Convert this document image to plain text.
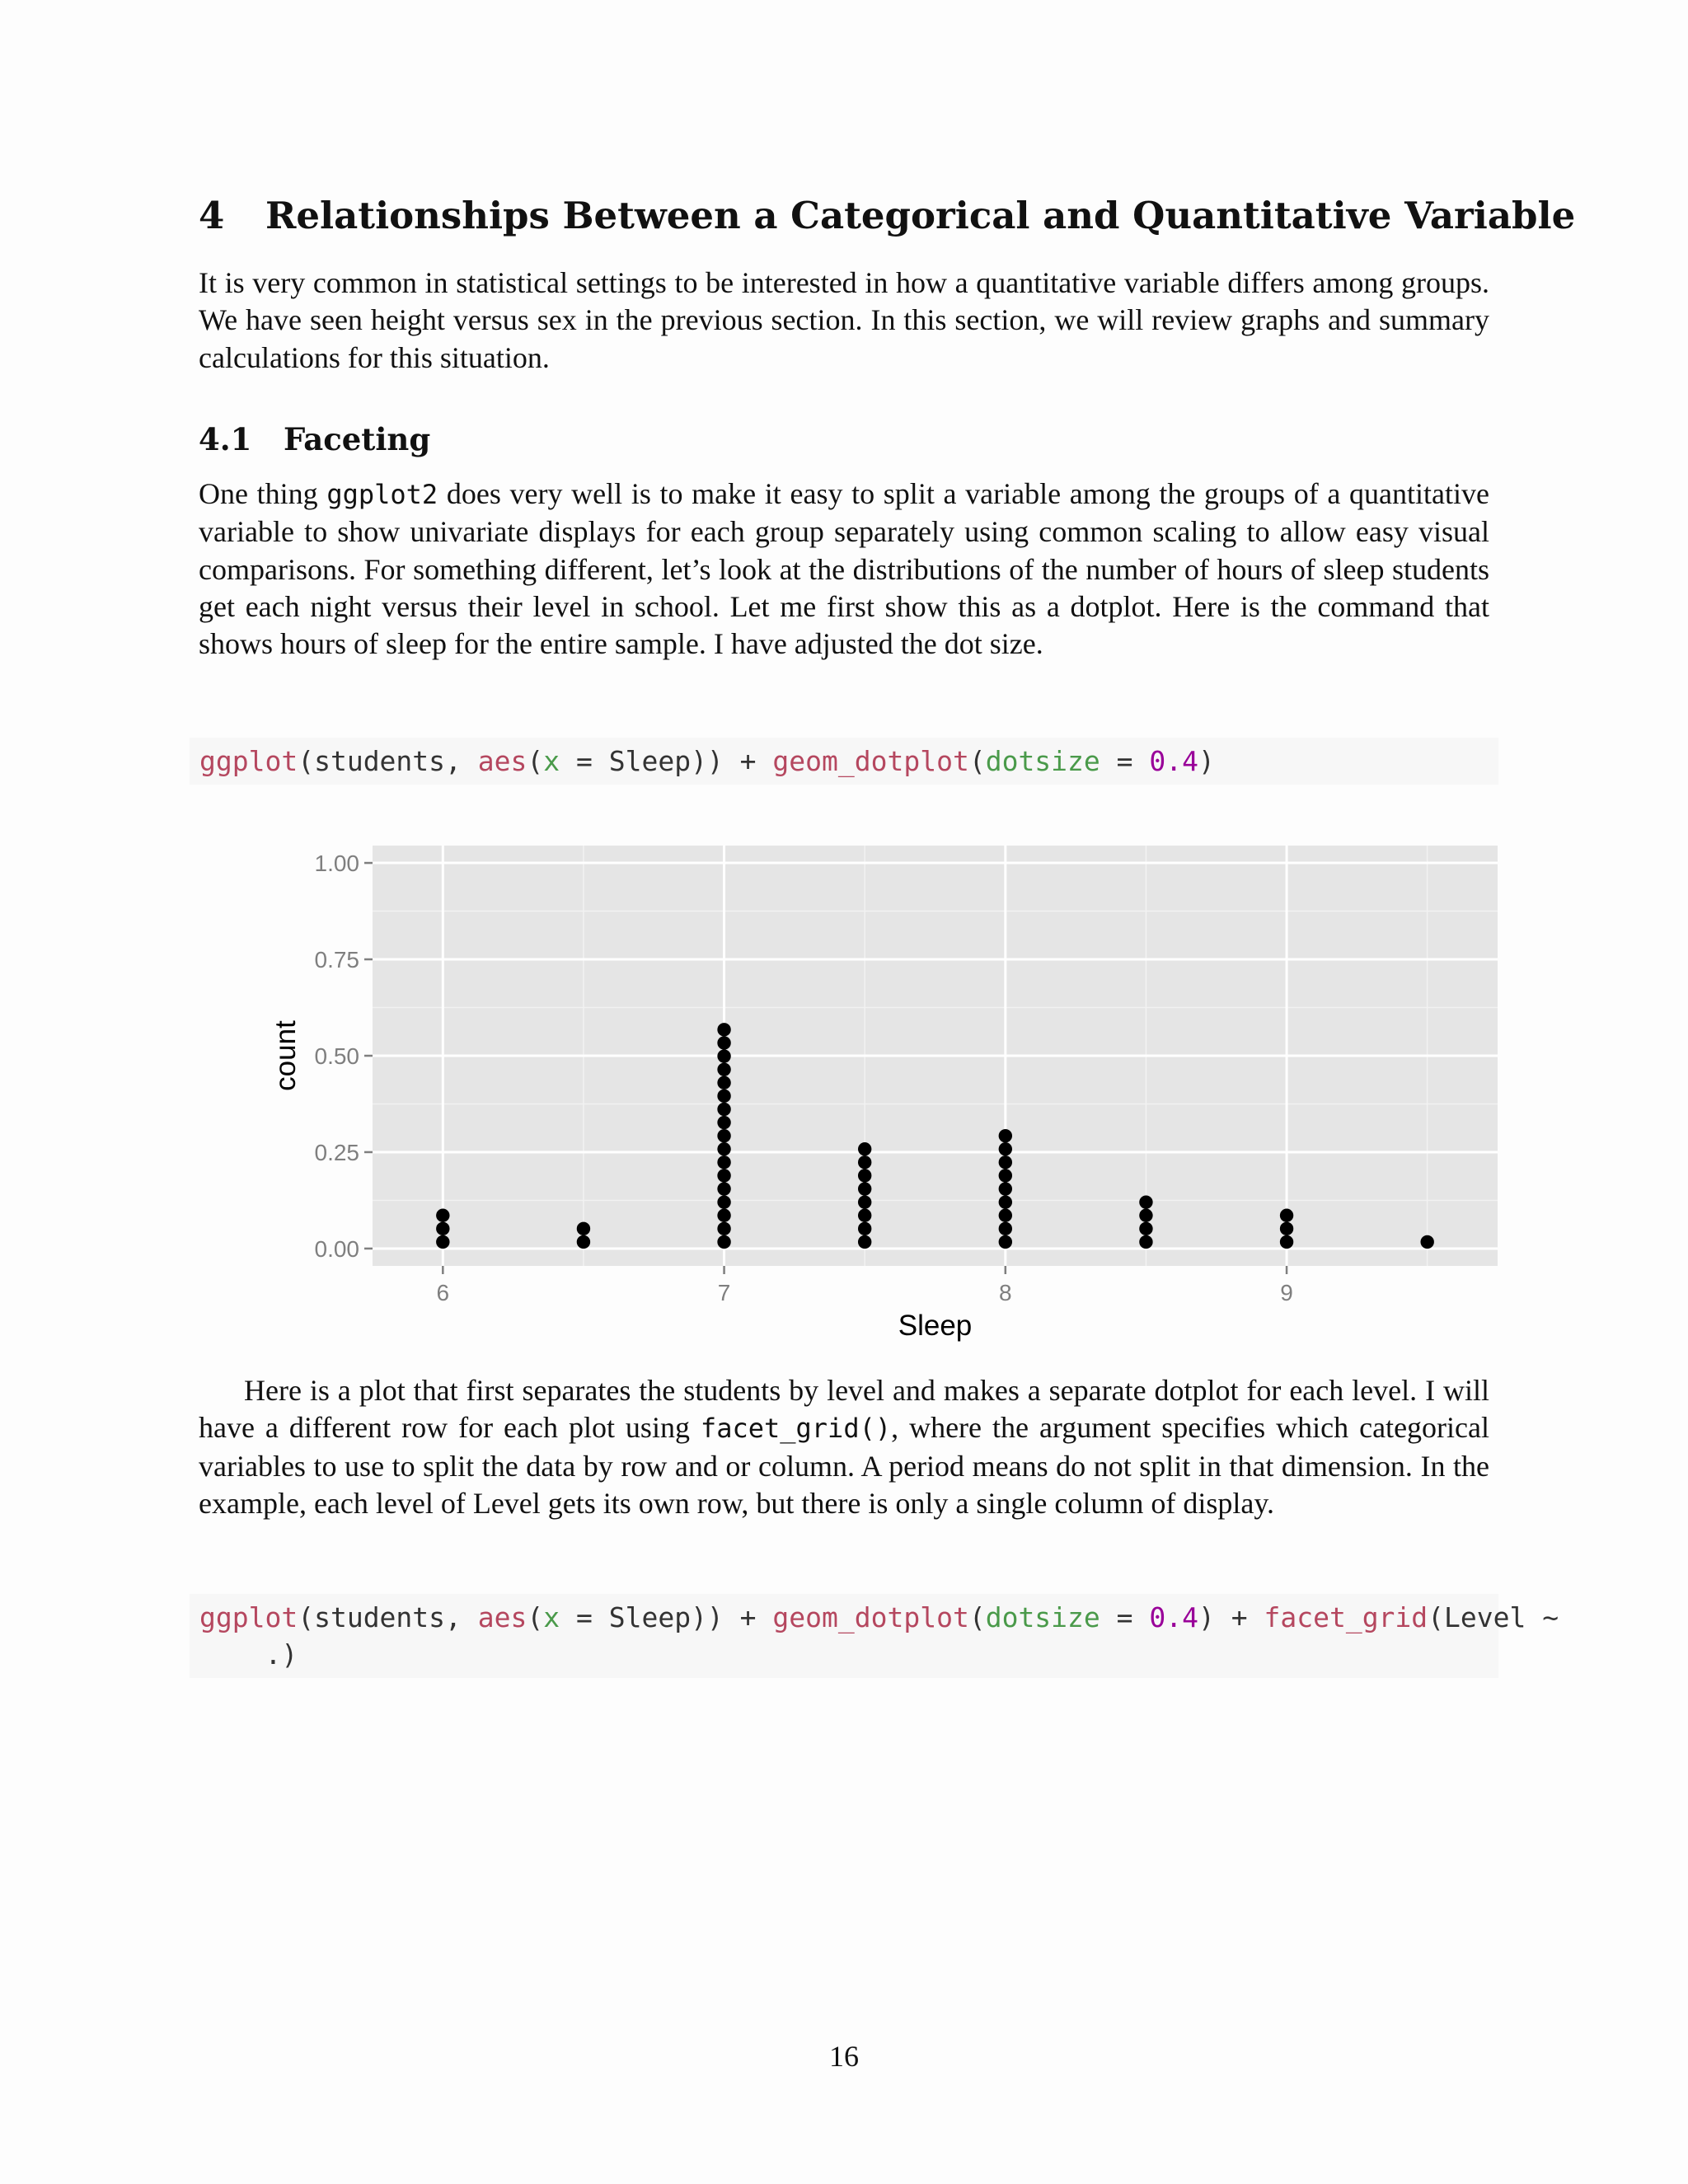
4 Relationships Between a Categorical and Quantitative Variable

It is very common in statistical settings to be interested in how a quantitative variable differs among groups. We have seen height versus sex in the previous section. In this section, we will review graphs and summary calculations for this situation.

4.1 Faceting

One thing ggplot2 does very well is to make it easy to split a variable among the groups of a quantitative variable to show univariate displays for each group separately using common scaling to allow easy visual comparisons. For something different, let’s look at the distributions of the number of hours of sleep students get each night versus their level in school. Let me first show this as a dotplot. Here is the command that shows hours of sleep for the entire sample. I have adjusted the dot size.

ggplot(students, aes(x = Sleep)) + geom_dotplot(dotsize = 0.4)
0.00
0.25
0.50
0.75
1.00
6	7	8	9
Sleep
count

Here is a plot that first separates the students by level and makes a separate dotplot for each level. I will have a different row for each plot using facet_grid(), where the argument specifies which categorical variables to use to split the data by row and or column. A period means do not split in that dimension. In the example, each level of Level gets its own row, but there is only a single column of display.

ggplot(students, aes(x = Sleep)) + geom_dotplot(dotsize = 0.4) + facet_grid(Level ~
.)
16
